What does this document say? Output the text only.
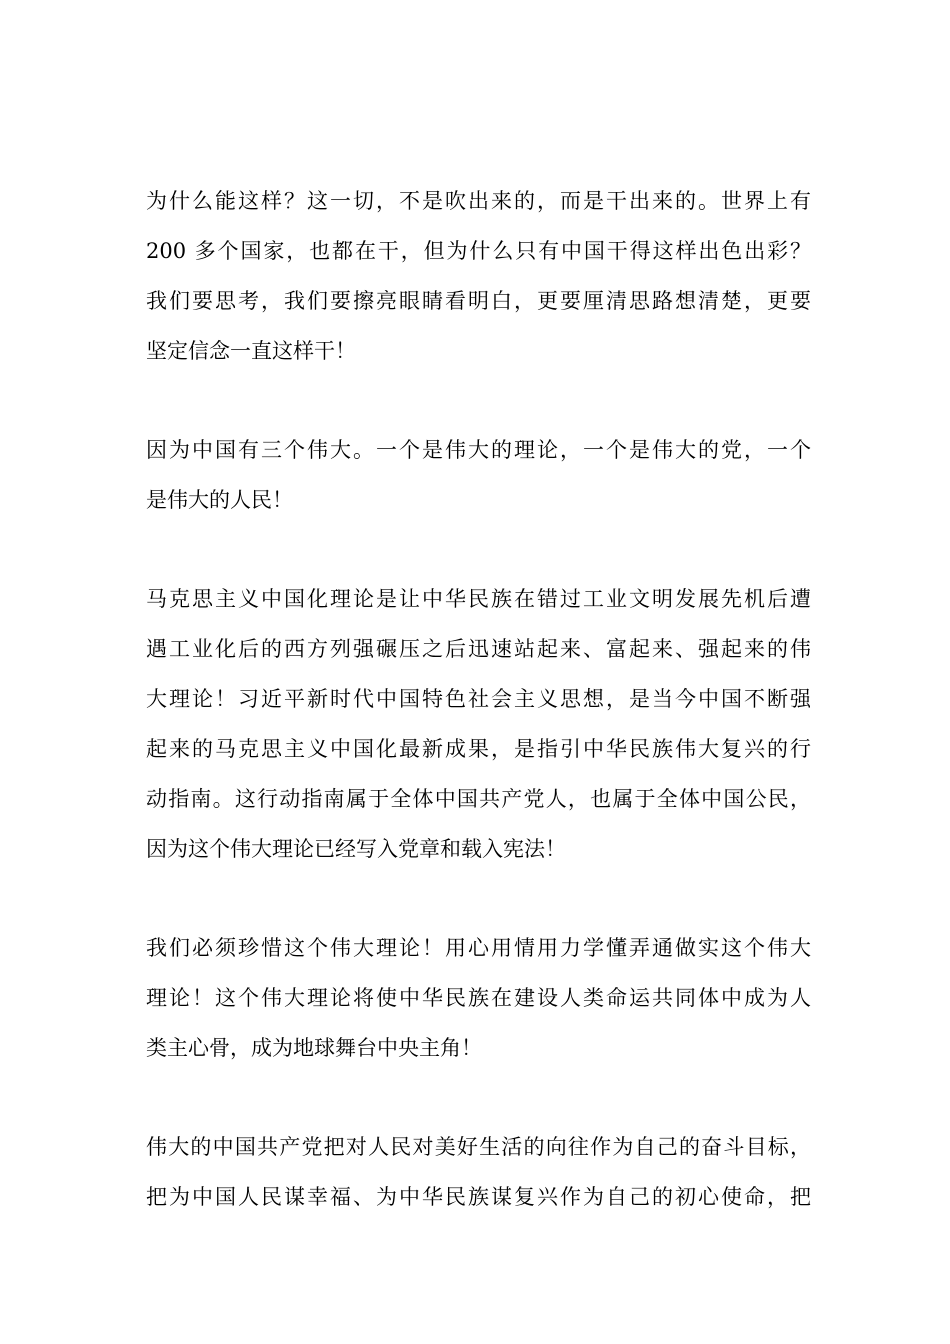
为什么能这样？这一切，不是吹出来的，而是干出来的。世界上有
200 多个国家，也都在干，但为什么只有中国干得这样出色出彩？
我们要思考，我们要擦亮眼睛看明白，更要厘清思路想清楚，更要
坚定信念一直这样干！

因为中国有三个伟大。一个是伟大的理论，一个是伟大的党，一个
是伟大的人民！

马克思主义中国化理论是让中华民族在错过工业文明发展先机后遭
遇工业化后的西方列强碾压之后迅速站起来、富起来、强起来的伟
大理论！习近平新时代中国特色社会主义思想，是当今中国不断强
起来的马克思主义中国化最新成果，是指引中华民族伟大复兴的行
动指南。这行动指南属于全体中国共产党人，也属于全体中国公民，
因为这个伟大理论已经写入党章和载入宪法！

我们必须珍惜这个伟大理论！用心用情用力学懂弄通做实这个伟大
理论！这个伟大理论将使中华民族在建设人类命运共同体中成为人
类主心骨，成为地球舞台中央主角！

伟大的中国共产党把对人民对美好生活的向往作为自己的奋斗目标，
把为中国人民谋幸福、为中华民族谋复兴作为自己的初心使命，把
